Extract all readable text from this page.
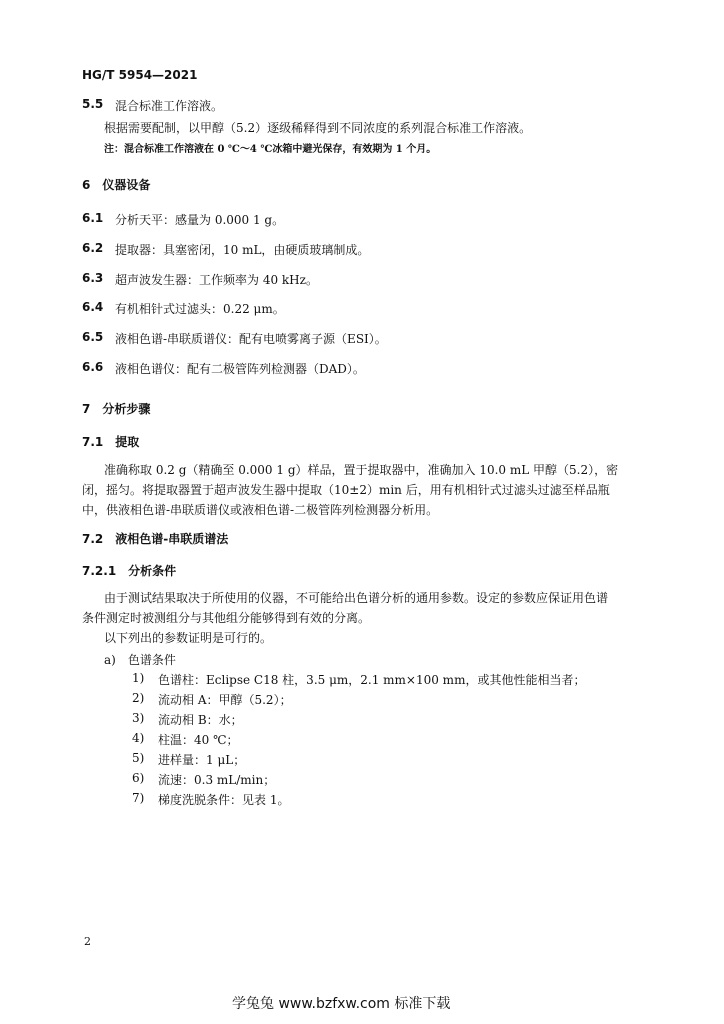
HG/T 5954—2021
5.5 混合标准工作溶液。
根据需要配制，以甲醇（5.2）逐级稀释得到不同浓度的系列混合标准工作溶液。
注：混合标准工作溶液在 0 ℃～4 ℃冰箱中避光保存，有效期为 1 个月。
6　仪器设备
6.1 分析天平：感量为 0.000 1 g。
6.2 提取器：具塞密闭，10 mL，由硬质玻璃制成。
6.3 超声波发生器：工作频率为 40 kHz。
6.4 有机相针式过滤头：0.22 μm。
6.5 液相色谱-串联质谱仪：配有电喷雾离子源（ESI）。
6.6 液相色谱仪：配有二极管阵列检测器（DAD）。
7　分析步骤
7.1　提取
准确称取 0.2 g（精确至 0.000 1 g）样品，置于提取器中，准确加入 10.0 mL 甲醇（5.2），密
闭，摇匀。将提取器置于超声波发生器中提取（10±2）min 后，用有机相针式过滤头过滤至样品瓶
中，供液相色谱-串联质谱仪或液相色谱-二极管阵列检测器分析用。
7.2　液相色谱-串联质谱法
7.2.1　分析条件
由于测试结果取决于所使用的仪器，不可能给出色谱分析的通用参数。设定的参数应保证用色谱
条件测定时被测组分与其他组分能够得到有效的分离。
以下列出的参数证明是可行的。
a)　色谱条件
1) 色谱柱：Eclipse C18 柱，3.5 μm，2.1 mm×100 mm，或其他性能相当者；
2) 流动相 A：甲醇（5.2）；
3) 流动相 B：水；
4) 柱温：40 ℃；
5) 进样量：1 μL；
6) 流速：0.3 mL/min；
7) 梯度洗脱条件：见表 1。
2
学兔兔 www.bzfxw.com 标准下载
